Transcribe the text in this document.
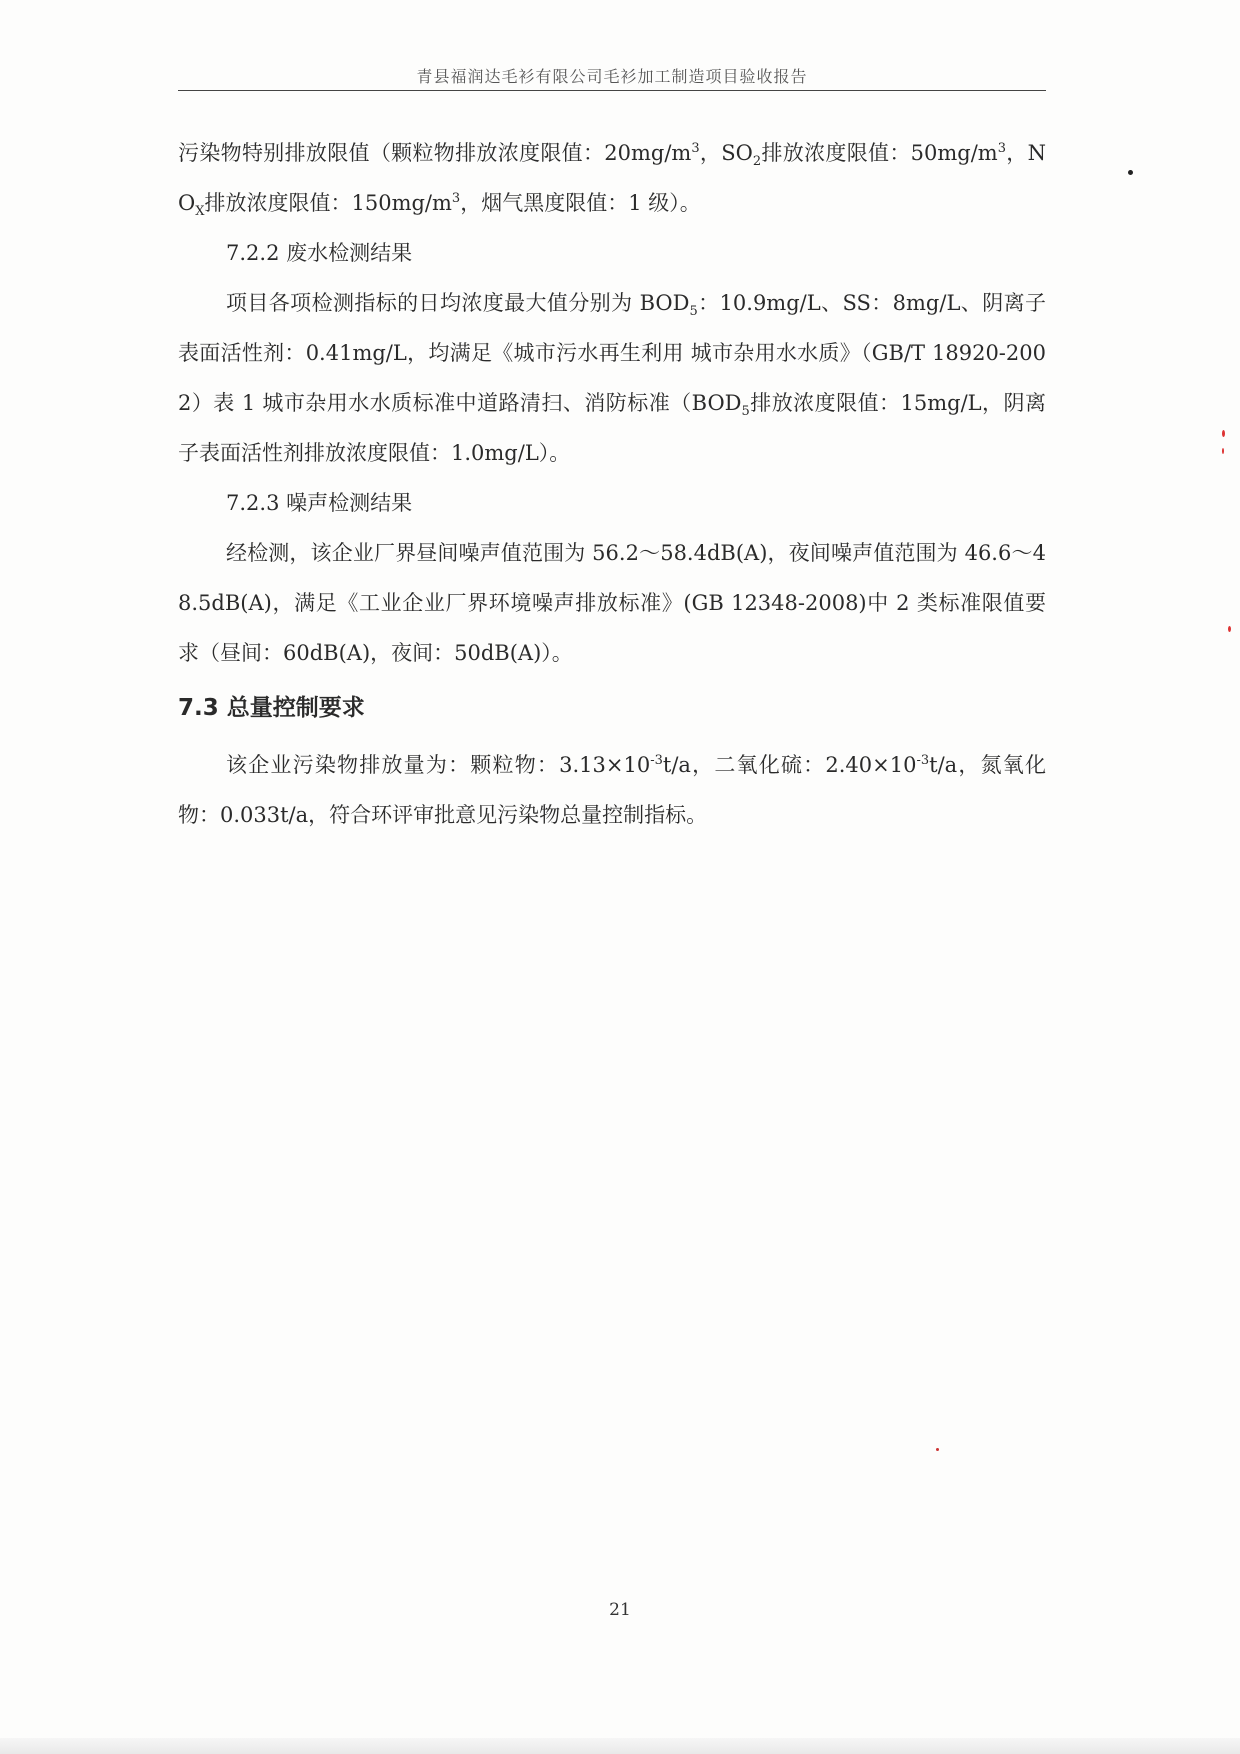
青县福润达毛衫有限公司毛衫加工制造项目验收报告

污染物特别排放限值（颗粒物排放浓度限值：$20mg/m^3$，$SO_2$排放浓度限值：$50mg/m^3$，$NO_X$排放浓度限值：$150mg/m^3$，烟气黑度限值：1 级）。

7.2.2 废水检测结果

项目各项检测指标的日均浓度最大值分别为 $BOD_5$：10.9mg/L、SS：8mg/L、阴离子表面活性剂：0.41mg/L，均满足《城市污水再生利用 城市杂用水水质》（GB/T 18920-2002）表 1 城市杂用水水质标准中道路清扫、消防标准（$BOD_5$排放浓度限值：15mg/L，阴离子表面活性剂排放浓度限值：1.0mg/L）。

7.2.3 噪声检测结果

经检测，该企业厂界昼间噪声值范围为 56.2～58.4dB(A)，夜间噪声值范围为 46.6～48.5dB(A)，满足《工业企业厂界环境噪声排放标准》(GB 12348-2008)中 2 类标准限值要求（昼间：60dB(A)，夜间：50dB(A)）。

7.3 总量控制要求

该企业污染物排放量为：颗粒物：$3.13\times 10^{-3}t/a$，二氧化硫：$2.40\times 10^{-3}t/a$，氮氧化物：0.033t/a，符合环评审批意见污染物总量控制指标。

21
